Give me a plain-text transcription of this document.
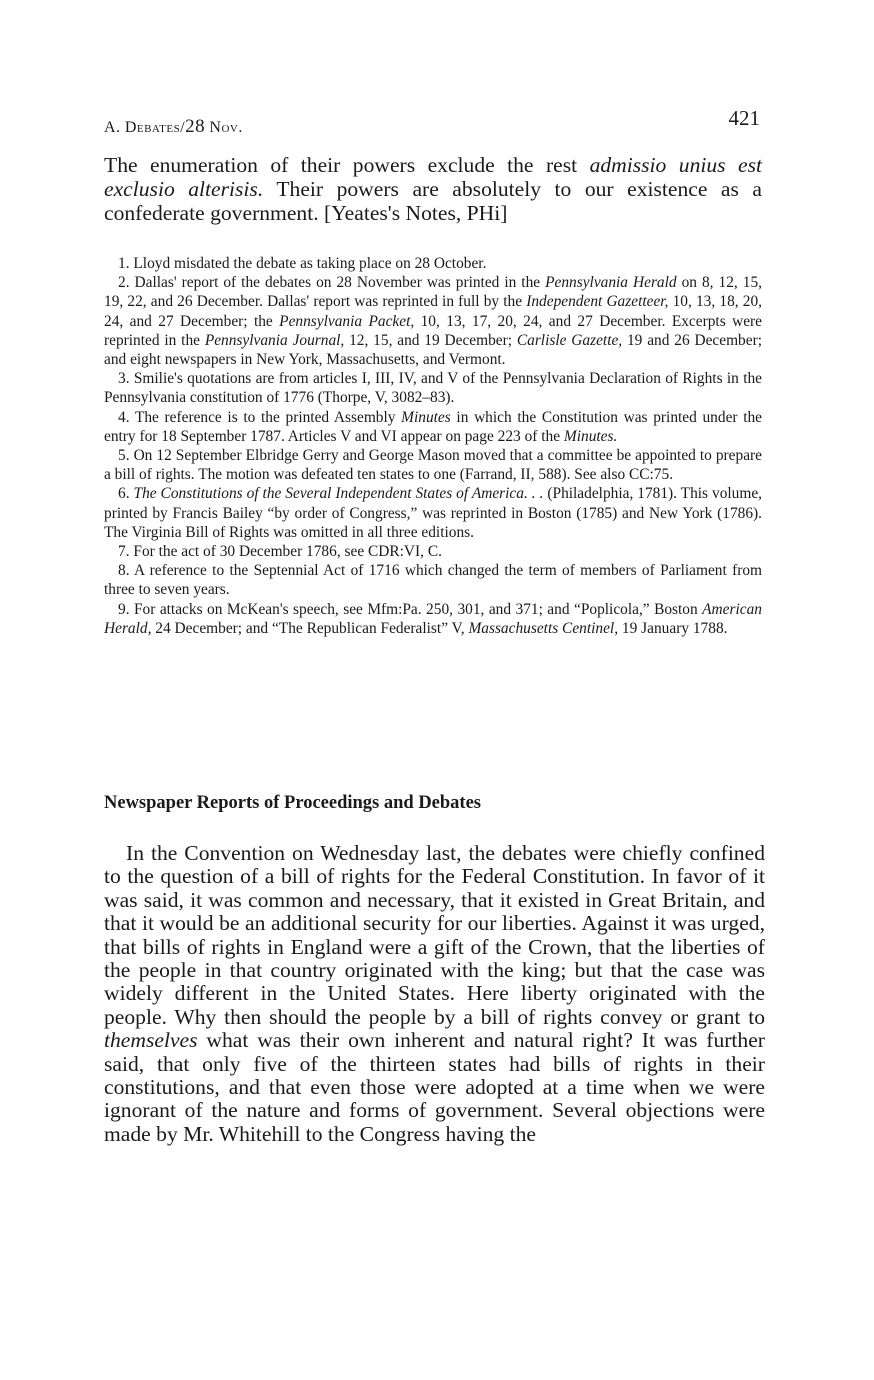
A. Debates/28 Nov.	421

The enumeration of their powers exclude the rest admissio unius est exclusio alterisis. Their powers are absolutely to our existence as a confederate government. [Yeates's Notes, PHi]

1. Lloyd misdated the debate as taking place on 28 October.

2. Dallas' report of the debates on 28 November was printed in the Pennsylvania Herald on 8, 12, 15, 19, 22, and 26 December. Dallas' report was reprinted in full by the Independent Gazetteer, 10, 13, 18, 20, 24, and 27 December; the Pennsylvania Packet, 10, 13, 17, 20, 24, and 27 December. Excerpts were reprinted in the Pennsylvania Journal, 12, 15, and 19 December; Carlisle Gazette, 19 and 26 December; and eight newspapers in New York, Massachusetts, and Vermont.

3. Smilie's quotations are from articles I, III, IV, and V of the Pennsylvania Declaration of Rights in the Pennsylvania constitution of 1776 (Thorpe, V, 3082–83).

4. The reference is to the printed Assembly Minutes in which the Constitution was printed under the entry for 18 September 1787. Articles V and VI appear on page 223 of the Minutes.

5. On 12 September Elbridge Gerry and George Mason moved that a committee be appointed to prepare a bill of rights. The motion was defeated ten states to one (Farrand, II, 588). See also CC:75.

6. The Constitutions of the Several Independent States of America. . . (Philadelphia, 1781). This volume, printed by Francis Bailey “by order of Congress,” was reprinted in Boston (1785) and New York (1786). The Virginia Bill of Rights was omitted in all three editions.

7. For the act of 30 December 1786, see CDR:VI, C.

8. A reference to the Septennial Act of 1716 which changed the term of members of Parliament from three to seven years.

9. For attacks on McKean's speech, see Mfm:Pa. 250, 301, and 371; and “Poplicola,” Boston American Herald, 24 December; and “The Republican Federalist” V, Massachusetts Centinel, 19 January 1788.

Newspaper Reports of Proceedings and Debates

In the Convention on Wednesday last, the debates were chiefly confined to the question of a bill of rights for the Federal Constitution. In favor of it was said, it was common and necessary, that it existed in Great Britain, and that it would be an additional security for our liberties. Against it was urged, that bills of rights in England were a gift of the Crown, that the liberties of the people in that country originated with the king; but that the case was widely different in the United States. Here liberty originated with the people. Why then should the people by a bill of rights convey or grant to themselves what was their own inherent and natural right? It was further said, that only five of the thirteen states had bills of rights in their constitutions, and that even those were adopted at a time when we were ignorant of the nature and forms of government. Several objections were made by Mr. Whitehill to the Congress having the
